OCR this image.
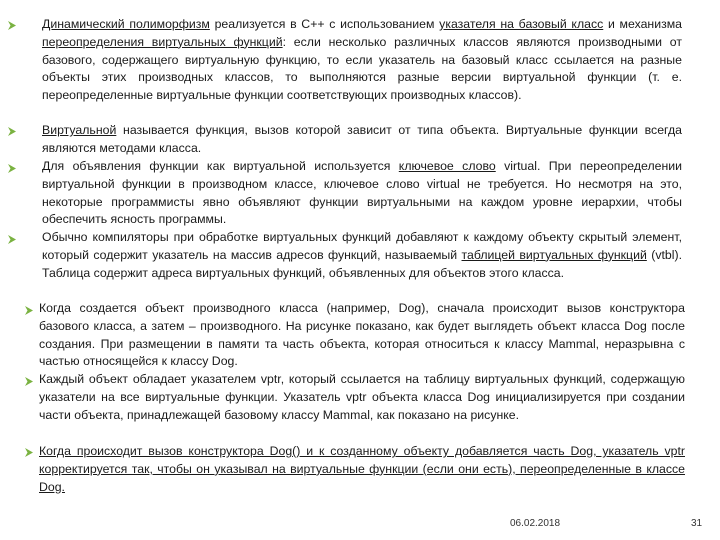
Динамический полиморфизм реализуется в С++ с использованием указателя на базовый класс и механизма переопределения виртуальных функций: если несколько различных классов являются производными от базового, содержащего виртуальную функцию, то если указатель на базовый класс ссылается на разные объекты этих производных классов, то выполняются разные версии виртуальной функции (т. е. переопределенные виртуальные функции соответствующих производных классов).

Виртуальной называется функция, вызов которой зависит от типа объекта. Виртуальные функции всегда являются методами класса.

Для объявления функции как виртуальной используется ключевое слово virtual. При переопределении виртуальной функции в производном классе, ключевое слово virtual не требуется. Но несмотря на это, некоторые программисты явно объявляют функции виртуальными на каждом уровне иерархии, чтобы обеспечить ясность программы.

Обычно компиляторы при обработке виртуальных функций добавляют к каждому объекту скрытый элемент, который содержит указатель на массив адресов функций, называемый таблицей виртуальных функций (vtbl). Таблица содержит адреса виртуальных функций, объявленных для объектов этого класса.

Когда создается объект производного класса (например, Dog), сначала происходит вызов конструктора базового класса, а затем – производного. На рисунке показано, как будет выглядеть объект класса Dog после создания. При размещении в памяти та часть объекта, которая относиться к классу Mammal, неразрывна с частью относящейся к классу Dog.

Каждый объект обладает указателем vptr, который ссылается на таблицу виртуальных функций, содержащую указатели на все виртуальные функции. Указатель vptr объекта класса Dog инициализируется при создании части объекта, принадлежащей базовому классу Mammal, как показано на рисунке.

Когда происходит вызов конструктора Dog() и к созданному объекту добавляется часть Dog, указатель vptr корректируется так, чтобы он указывал на виртуальные функции (если они есть), переопределенные в классе Dog.

06.02.2018	31
